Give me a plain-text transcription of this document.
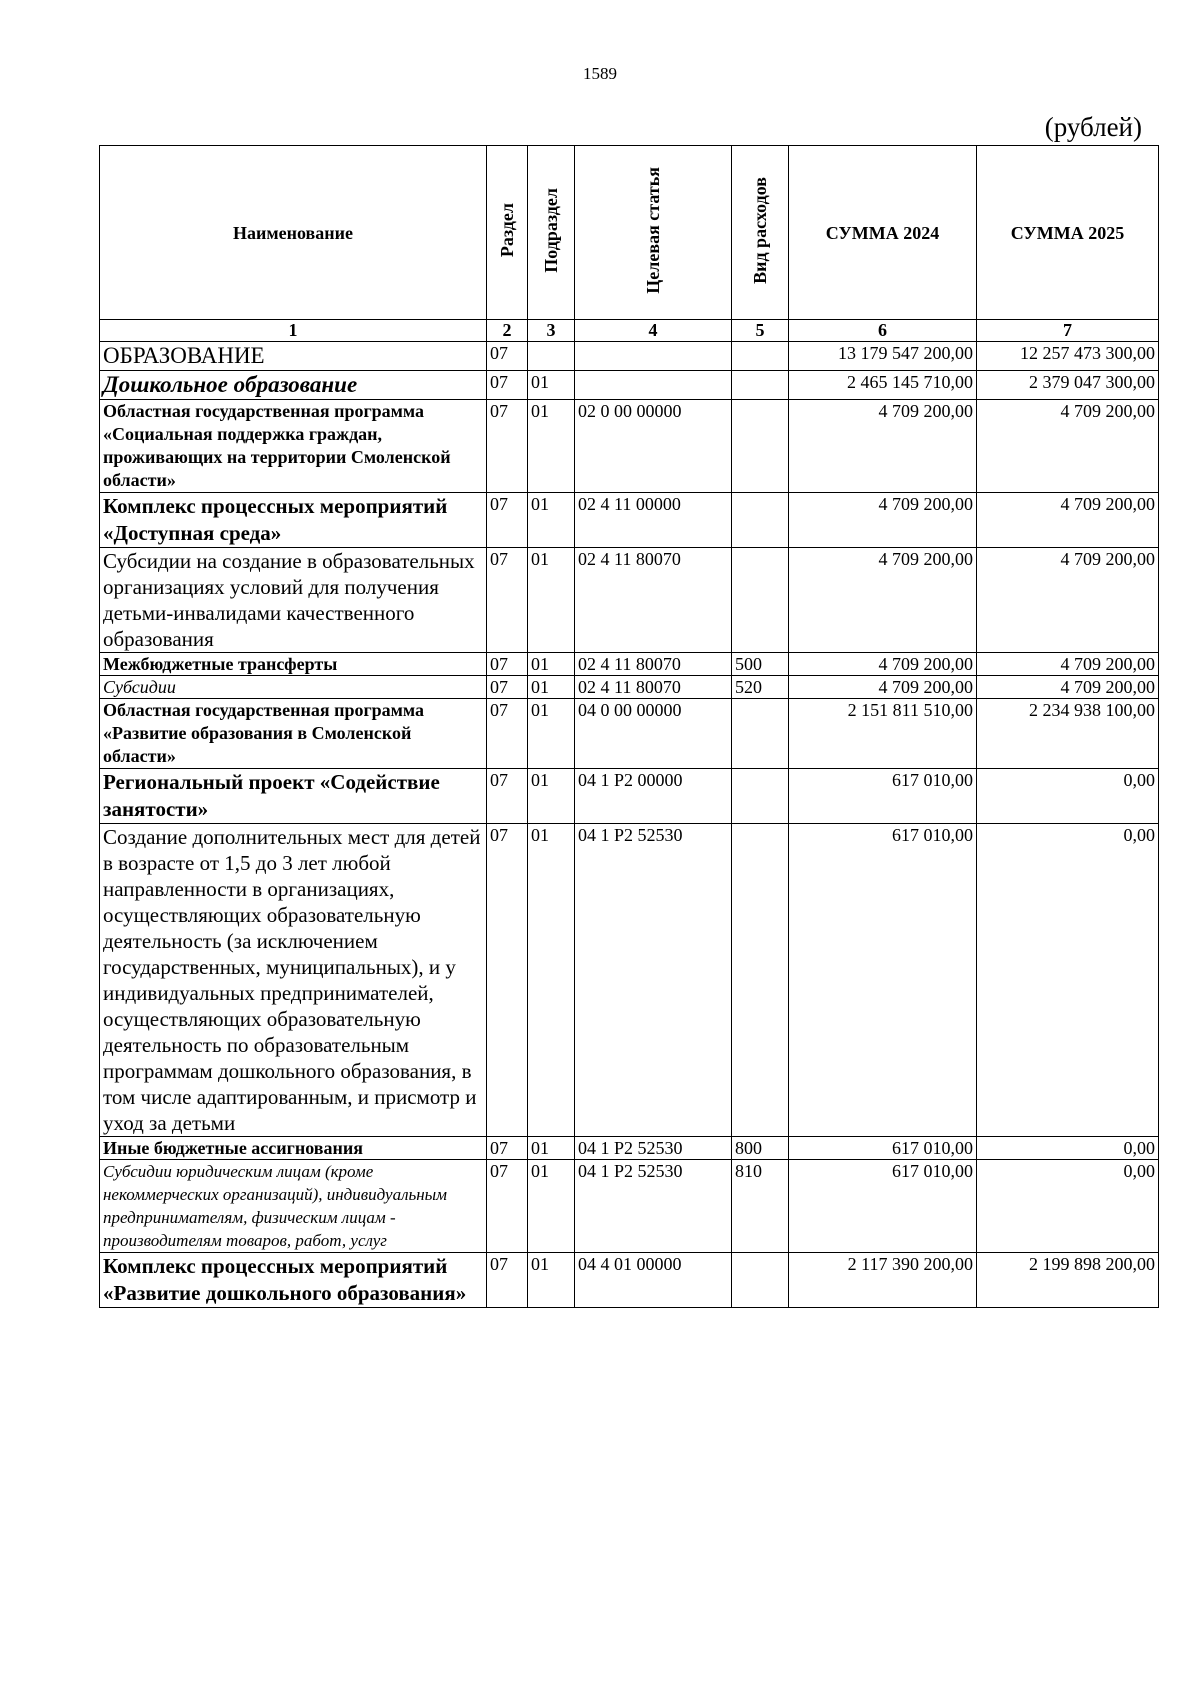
1589
(рублей)
Наименование	Раздел	Подраздел	Целевая статья	Вид расходов	СУММА 2024	СУММА 2025
1	2	3	4	5	6	7
ОБРАЗОВАНИЕ	07				13 179 547 200,00	12 257 473 300,00
Дошкольное образование	07	01			2 465 145 710,00	2 379 047 300,00
Областная государственная программа «Социальная поддержка граждан, проживающих на территории Смоленской области»	07	01	02 0 00 00000		4 709 200,00	4 709 200,00
Комплекс процессных мероприятий «Доступная среда»	07	01	02 4 11 00000		4 709 200,00	4 709 200,00
Субсидии на создание в образовательных организациях условий для получения детьми-инвалидами качественного образования	07	01	02 4 11 80070		4 709 200,00	4 709 200,00
Межбюджетные трансферты	07	01	02 4 11 80070	500	4 709 200,00	4 709 200,00
Субсидии	07	01	02 4 11 80070	520	4 709 200,00	4 709 200,00
Областная государственная программа «Развитие образования в Смоленской области»	07	01	04 0 00 00000		2 151 811 510,00	2 234 938 100,00
Региональный проект «Содействие занятости»	07	01	04 1 P2 00000		617 010,00	0,00
Создание дополнительных мест для детей в возрасте от 1,5 до 3 лет любой направленности в организациях, осуществляющих образовательную деятельность (за исключением государственных, муниципальных), и у индивидуальных предпринимателей, осуществляющих образовательную деятельность по образовательным программам дошкольного образования, в том числе адаптированным, и присмотр и уход за детьми	07	01	04 1 P2 52530		617 010,00	0,00
Иные бюджетные ассигнования	07	01	04 1 P2 52530	800	617 010,00	0,00
Субсидии юридическим лицам (кроме некоммерческих организаций), индивидуальным предпринимателям, физическим лицам - производителям товаров, работ, услуг	07	01	04 1 P2 52530	810	617 010,00	0,00
Комплекс процессных мероприятий «Развитие дошкольного образования»	07	01	04 4 01 00000		2 117 390 200,00	2 199 898 200,00
